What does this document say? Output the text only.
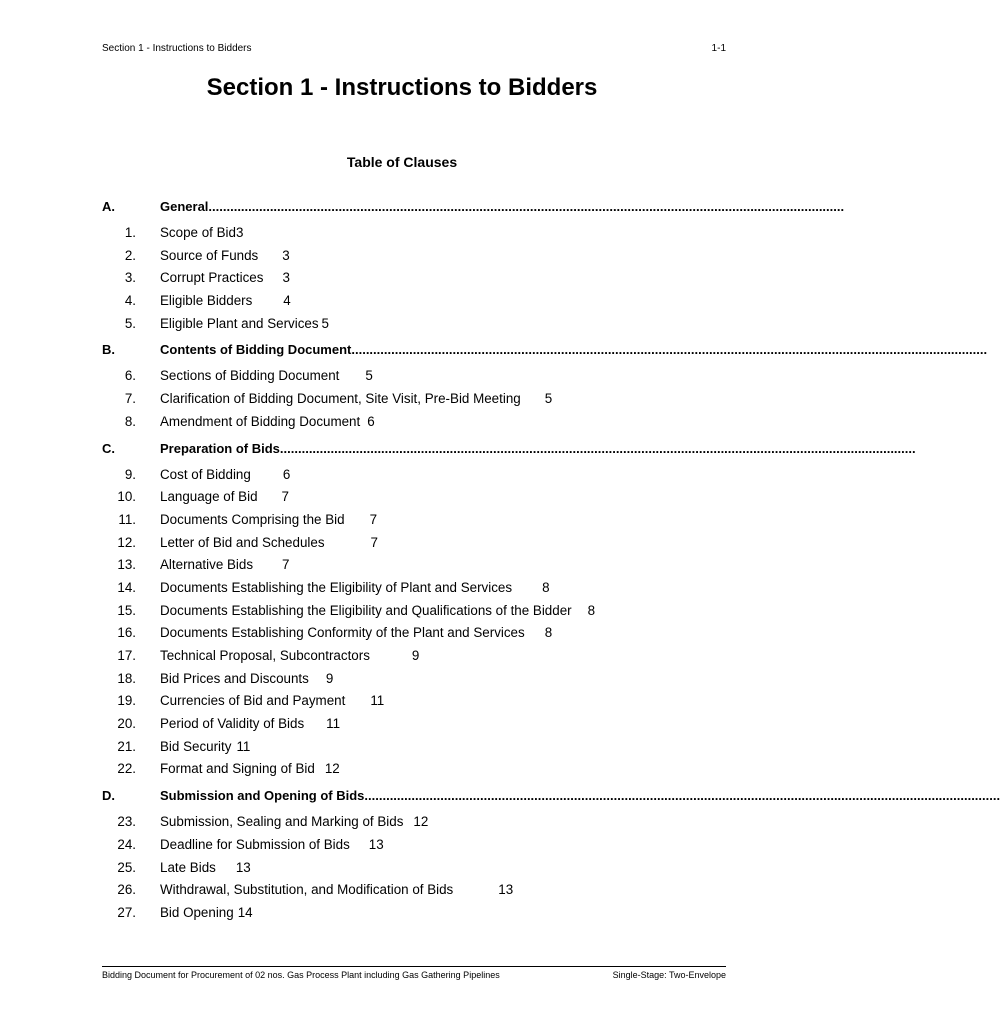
Section 1 - Instructions to Bidders	1-1
Section 1 - Instructions to Bidders
Table of Clauses
A.	General ................................................................................................................................................................................
1.	Scope of Bid 3
2.	Source of Funds 3
3.	Corrupt Practices 3
4.	Eligible Bidders 4
5.	Eligible Plant and Services 5
B.	Contents of Bidding Document ................................................................................................................................................................................
6.	Sections of Bidding Document 5
7.	Clarification of Bidding Document, Site Visit, Pre-Bid Meeting 5
8.	Amendment of Bidding Document 6
C.	Preparation of Bids ................................................................................................................................................................................
9.	Cost of Bidding 6
10.	Language of Bid 7
11.	Documents Comprising the Bid 7
12.	Letter of Bid and Schedules	7
13.	Alternative Bids 7
14.	Documents Establishing the Eligibility of Plant and Services 8
15.	Documents Establishing the Eligibility and Qualifications of the Bidder 8
16.	Documents Establishing Conformity of the Plant and Services 8
17.	Technical Proposal, Subcontractors	9
18.	Bid Prices and Discounts 9
19.	Currencies of Bid and Payment 11
20.	Period of Validity of Bids 11
21.	Bid Security 11
22.	Format and Signing of Bid 12
D.	Submission and Opening of Bids ................................................................................................................................................................................
23.	Submission, Sealing and Marking of Bids 12
24.	Deadline for Submission of Bids 13
25.	Late Bids 13
26.	Withdrawal, Substitution, and Modification of Bids	13
27.	Bid Opening 14
Bidding Document for Procurement of 02 nos. Gas Process Plant including Gas Gathering Pipelines	Single-Stage: Two-Envelope
